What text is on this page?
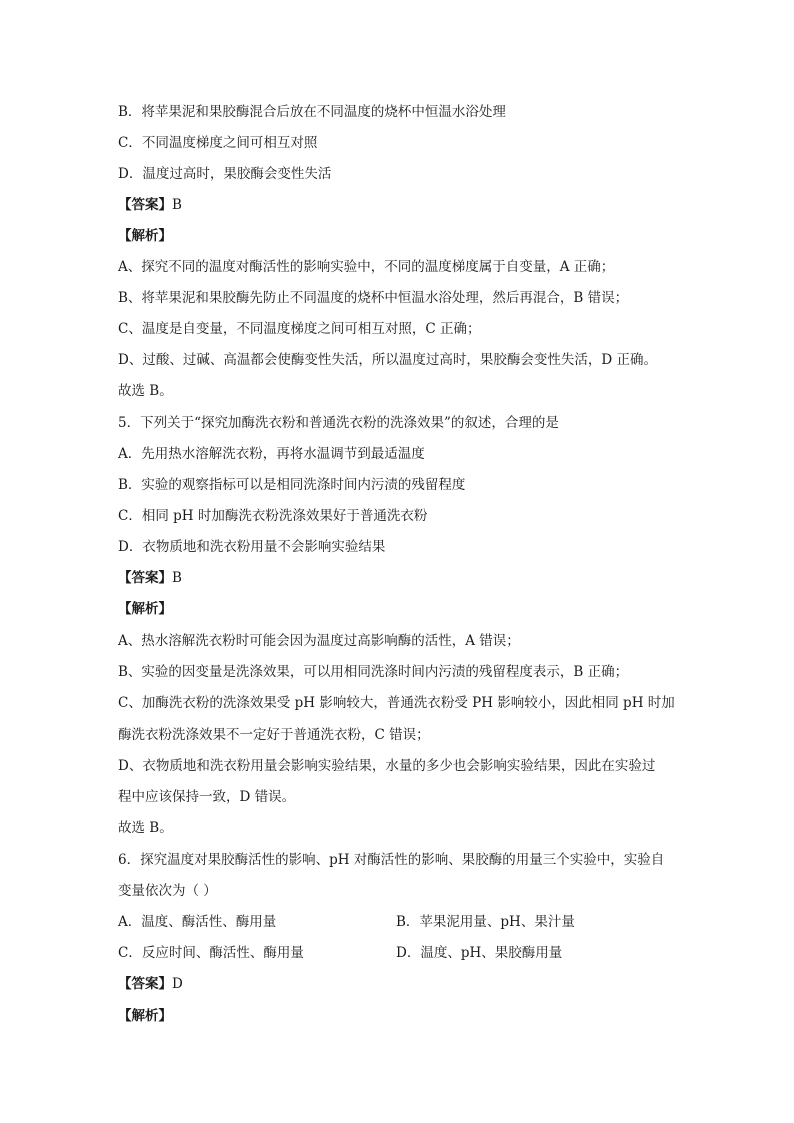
B．将苹果泥和果胶酶混合后放在不同温度的烧杯中恒温水浴处理
C．不同温度梯度之间可相互对照
D．温度过高时，果胶酶会变性失活
【答案】B
【解析】
A、探究不同的温度对酶活性的影响实验中，不同的温度梯度属于自变量，A 正确；
B、将苹果泥和果胶酶先防止不同温度的烧杯中恒温水浴处理，然后再混合，B 错误；
C、温度是自变量，不同温度梯度之间可相互对照，C 正确；
D、过酸、过碱、高温都会使酶变性失活，所以温度过高时，果胶酶会变性失活，D 正确。
故选 B。
5．下列关于“探究加酶洗衣粉和普通洗衣粉的洗涤效果”的叙述，合理的是
A．先用热水溶解洗衣粉，再将水温调节到最适温度
B．实验的观察指标可以是相同洗涤时间内污渍的残留程度
C．相同 pH 时加酶洗衣粉洗涤效果好于普通洗衣粉
D．衣物质地和洗衣粉用量不会影响实验结果
【答案】B
【解析】
A、热水溶解洗衣粉时可能会因为温度过高影响酶的活性，A 错误；
B、实验的因变量是洗涤效果，可以用相同洗涤时间内污渍的残留程度表示，B 正确；
C、加酶洗衣粉的洗涤效果受 pH 影响较大，普通洗衣粉受 PH 影响较小，因此相同 pH 时加
酶洗衣粉洗涤效果不一定好于普通洗衣粉，C 错误；
D、衣物质地和洗衣粉用量会影响实验结果，水量的多少也会影响实验结果，因此在实验过
程中应该保持一致，D 错误。
故选 B。
6．探究温度对果胶酶活性的影响、pH 对酶活性的影响、果胶酶的用量三个实验中，实验自
变量依次为（ ）
A．温度、酶活性、酶用量	B．苹果泥用量、pH、果汁量
C．反应时间、酶活性、酶用量	D．温度、pH、果胶酶用量
【答案】D
【解析】
